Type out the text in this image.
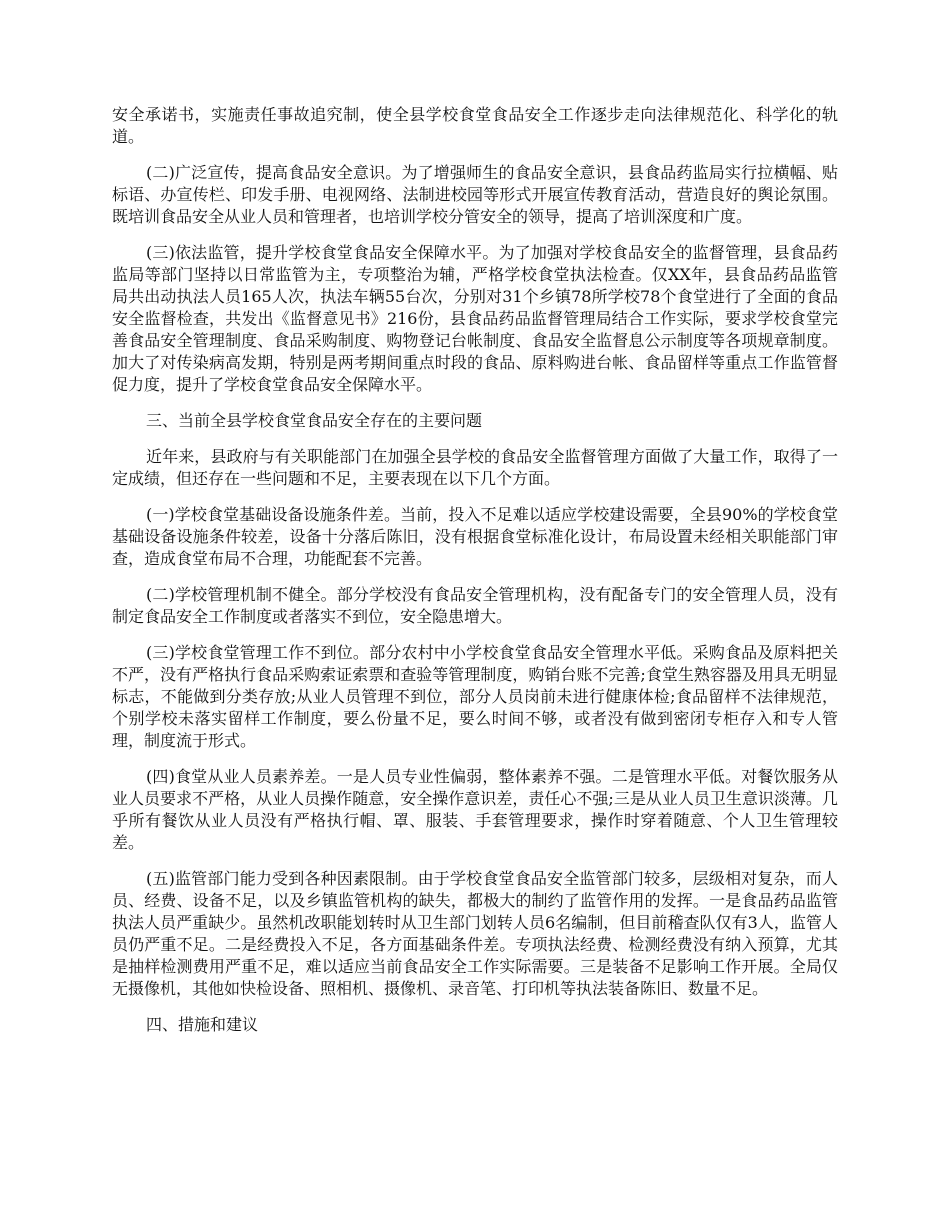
安全承诺书，实施责任事故追究制，使全县学校食堂食品安全工作逐步走向法律规范化、科学化的轨道。

(二)广泛宣传，提高食品安全意识。为了增强师生的食品安全意识，县食品药监局实行拉横幅、贴标语、办宣传栏、印发手册、电视网络、法制进校园等形式开展宣传教育活动，营造良好的舆论氛围。既培训食品安全从业人员和管理者，也培训学校分管安全的领导，提高了培训深度和广度。

(三)依法监管，提升学校食堂食品安全保障水平。为了加强对学校食品安全的监督管理，县食品药监局等部门坚持以日常监管为主，专项整治为辅，严格学校食堂执法检查。仅XX年，县食品药品监管局共出动执法人员165人次，执法车辆55台次，分别对31个乡镇78所学校78个食堂进行了全面的食品安全监督检查，共发出《监督意见书》216份，县食品药品监督管理局结合工作实际，要求学校食堂完善食品安全管理制度、食品采购制度、购物登记台帐制度、食品安全监督息公示制度等各项规章制度。加大了对传染病高发期，特别是两考期间重点时段的食品、原料购进台帐、食品留样等重点工作监管督促力度，提升了学校食堂食品安全保障水平。

三、当前全县学校食堂食品安全存在的主要问题

近年来，县政府与有关职能部门在加强全县学校的食品安全监督管理方面做了大量工作，取得了一定成绩，但还存在一些问题和不足，主要表现在以下几个方面。

(一)学校食堂基础设备设施条件差。当前，投入不足难以适应学校建设需要，全县90%的学校食堂基础设备设施条件较差，设备十分落后陈旧，没有根据食堂标准化设计，布局设置未经相关职能部门审查，造成食堂布局不合理，功能配套不完善。

(二)学校管理机制不健全。部分学校没有食品安全管理机构，没有配备专门的安全管理人员，没有制定食品安全工作制度或者落实不到位，安全隐患增大。

(三)学校食堂管理工作不到位。部分农村中小学校食堂食品安全管理水平低。采购食品及原料把关不严，没有严格执行食品采购索证索票和查验等管理制度，购销台账不完善;食堂生熟容器及用具无明显标志，不能做到分类存放;从业人员管理不到位，部分人员岗前未进行健康体检;食品留样不法律规范，个别学校未落实留样工作制度，要么份量不足，要么时间不够，或者没有做到密闭专柜存入和专人管理，制度流于形式。

(四)食堂从业人员素养差。一是人员专业性偏弱，整体素养不强。二是管理水平低。对餐饮服务从业人员要求不严格，从业人员操作随意，安全操作意识差，责任心不强;三是从业人员卫生意识淡薄。几乎所有餐饮从业人员没有严格执行帽、罩、服装、手套管理要求，操作时穿着随意、个人卫生管理较差。

(五)监管部门能力受到各种因素限制。由于学校食堂食品安全监管部门较多，层级相对复杂，而人员、经费、设备不足，以及乡镇监管机构的缺失，都极大的制约了监管作用的发挥。一是食品药品监管执法人员严重缺少。虽然机改职能划转时从卫生部门划转人员6名编制，但目前稽查队仅有3人，监管人员仍严重不足。二是经费投入不足，各方面基础条件差。专项执法经费、检测经费没有纳入预算，尤其是抽样检测费用严重不足，难以适应当前食品安全工作实际需要。三是装备不足影响工作开展。全局仅无摄像机，其他如快检设备、照相机、摄像机、录音笔、打印机等执法装备陈旧、数量不足。

四、措施和建议
